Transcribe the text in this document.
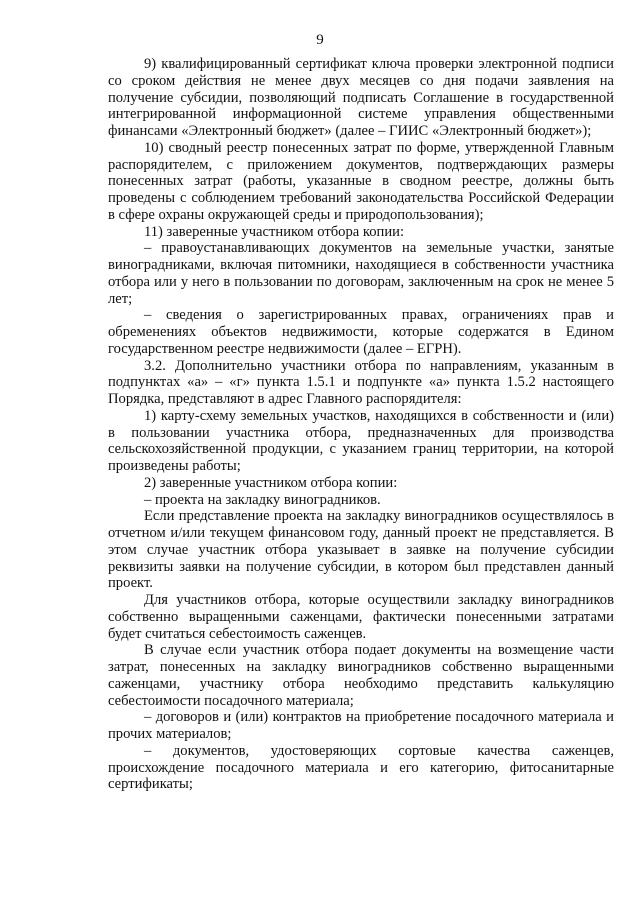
9

9) квалифицированный сертификат ключа проверки электронной подписи со сроком действия не менее двух месяцев со дня подачи заявления на получение субсидии, позволяющий подписать Соглашение в государственной интегрированной информационной системе управления общественными финансами «Электронный бюджет» (далее – ГИИС «Электронный бюджет»);

10) сводный реестр понесенных затрат по форме, утвержденной Главным распорядителем, с приложением документов, подтверждающих размеры понесенных затрат (работы, указанные в сводном реестре, должны быть проведены с соблюдением требований законодательства Российской Федерации в сфере охраны окружающей среды и природопользования);

11) заверенные участником отбора копии:

– правоустанавливающих документов на земельные участки, занятые виноградниками, включая питомники, находящиеся в собственности участника отбора или у него в пользовании по договорам, заключенным на срок не менее 5 лет;

– сведения о зарегистрированных правах, ограничениях прав и обременениях объектов недвижимости, которые содержатся в Едином государственном реестре недвижимости (далее – ЕГРН).

3.2. Дополнительно участники отбора по направлениям, указанным в подпунктах «а» – «г» пункта 1.5.1 и подпункте «а» пункта 1.5.2 настоящего Порядка, представляют в адрес Главного распорядителя:

1) карту-схему земельных участков, находящихся в собственности и (или) в пользовании участника отбора, предназначенных для производства сельскохозяйственной продукции, с указанием границ территории, на которой произведены работы;

2) заверенные участником отбора копии:

– проекта на закладку виноградников.

Если представление проекта на закладку виноградников осуществлялось в отчетном и/или текущем финансовом году, данный проект не представляется. В этом случае участник отбора указывает в заявке на получение субсидии реквизиты заявки на получение субсидии, в котором был представлен данный проект.

Для участников отбора, которые осуществили закладку виноградников собственно выращенными саженцами, фактически понесенными затратами будет считаться себестоимость саженцев.

В случае если участник отбора подает документы на возмещение части затрат, понесенных на закладку виноградников собственно выращенными саженцами, участнику отбора необходимо представить калькуляцию себестоимости посадочного материала;

– договоров и (или) контрактов на приобретение посадочного материала и прочих материалов;

– документов, удостоверяющих сортовые качества саженцев, происхождение посадочного материала и его категорию, фитосанитарные сертификаты;
